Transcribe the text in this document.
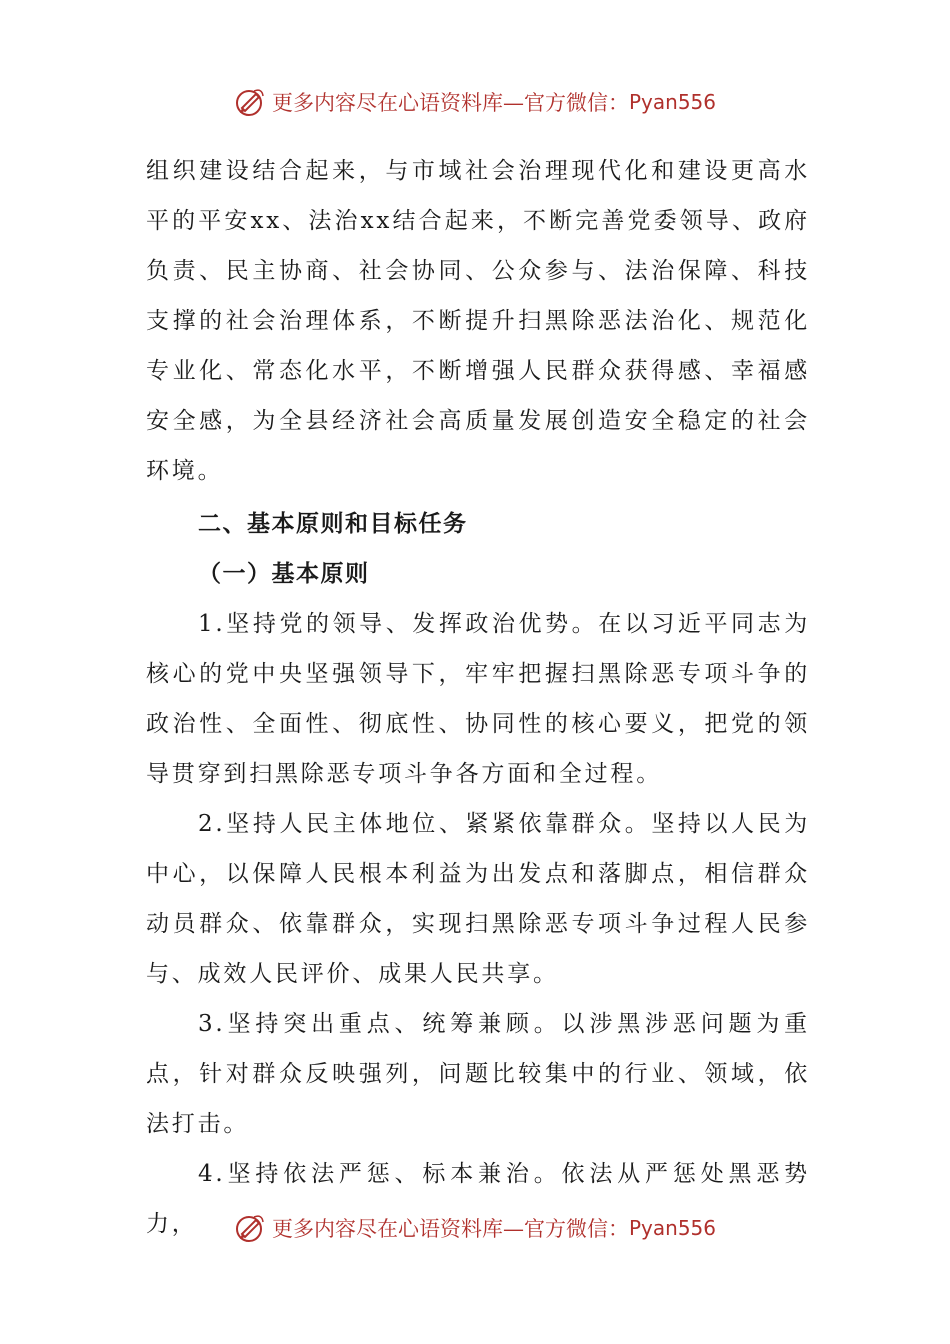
更多内容尽在心语资料库 —官方微信： Pyan556

组织建设结合起来，与市域社会治理现代化和建设更高水平的平安xx、法治xx结合起来，不断完善党委领导、政府负责、民主协商、社会协同、公众参与、法治保障、科技支撑的社会治理体系，不断提升扫黑除恶法治化、规范化专业化、常态化水平，不断增强人民群众获得感、幸福感安全感，为全县经济社会高质量发展创造安全稳定的社会环境。

二、基本原则和目标任务

（一）基本原则

1.坚持党的领导、发挥政治优势。在以习近平同志为核心的党中央坚强领导下，牢牢把握扫黑除恶专项斗争的政治性、全面性、彻底性、协同性的核心要义，把党的领导贯穿到扫黑除恶专项斗争各方面和全过程。

2.坚持人民主体地位、紧紧依靠群众。坚持以人民为中心，以保障人民根本利益为出发点和落脚点，相信群众动员群众、依靠群众，实现扫黑除恶专项斗争过程人民参与、成效人民评价、成果人民共享。

3.坚持突出重点、统筹兼顾。以涉黑涉恶问题为重点，针对群众反映强列，问题比较集中的行业、领域，依法打击。

4.坚持依法严惩、标本兼治。依法从严惩处黑恶势力，	更多内容尽在心语资料库 —官方微信： Pyan556
